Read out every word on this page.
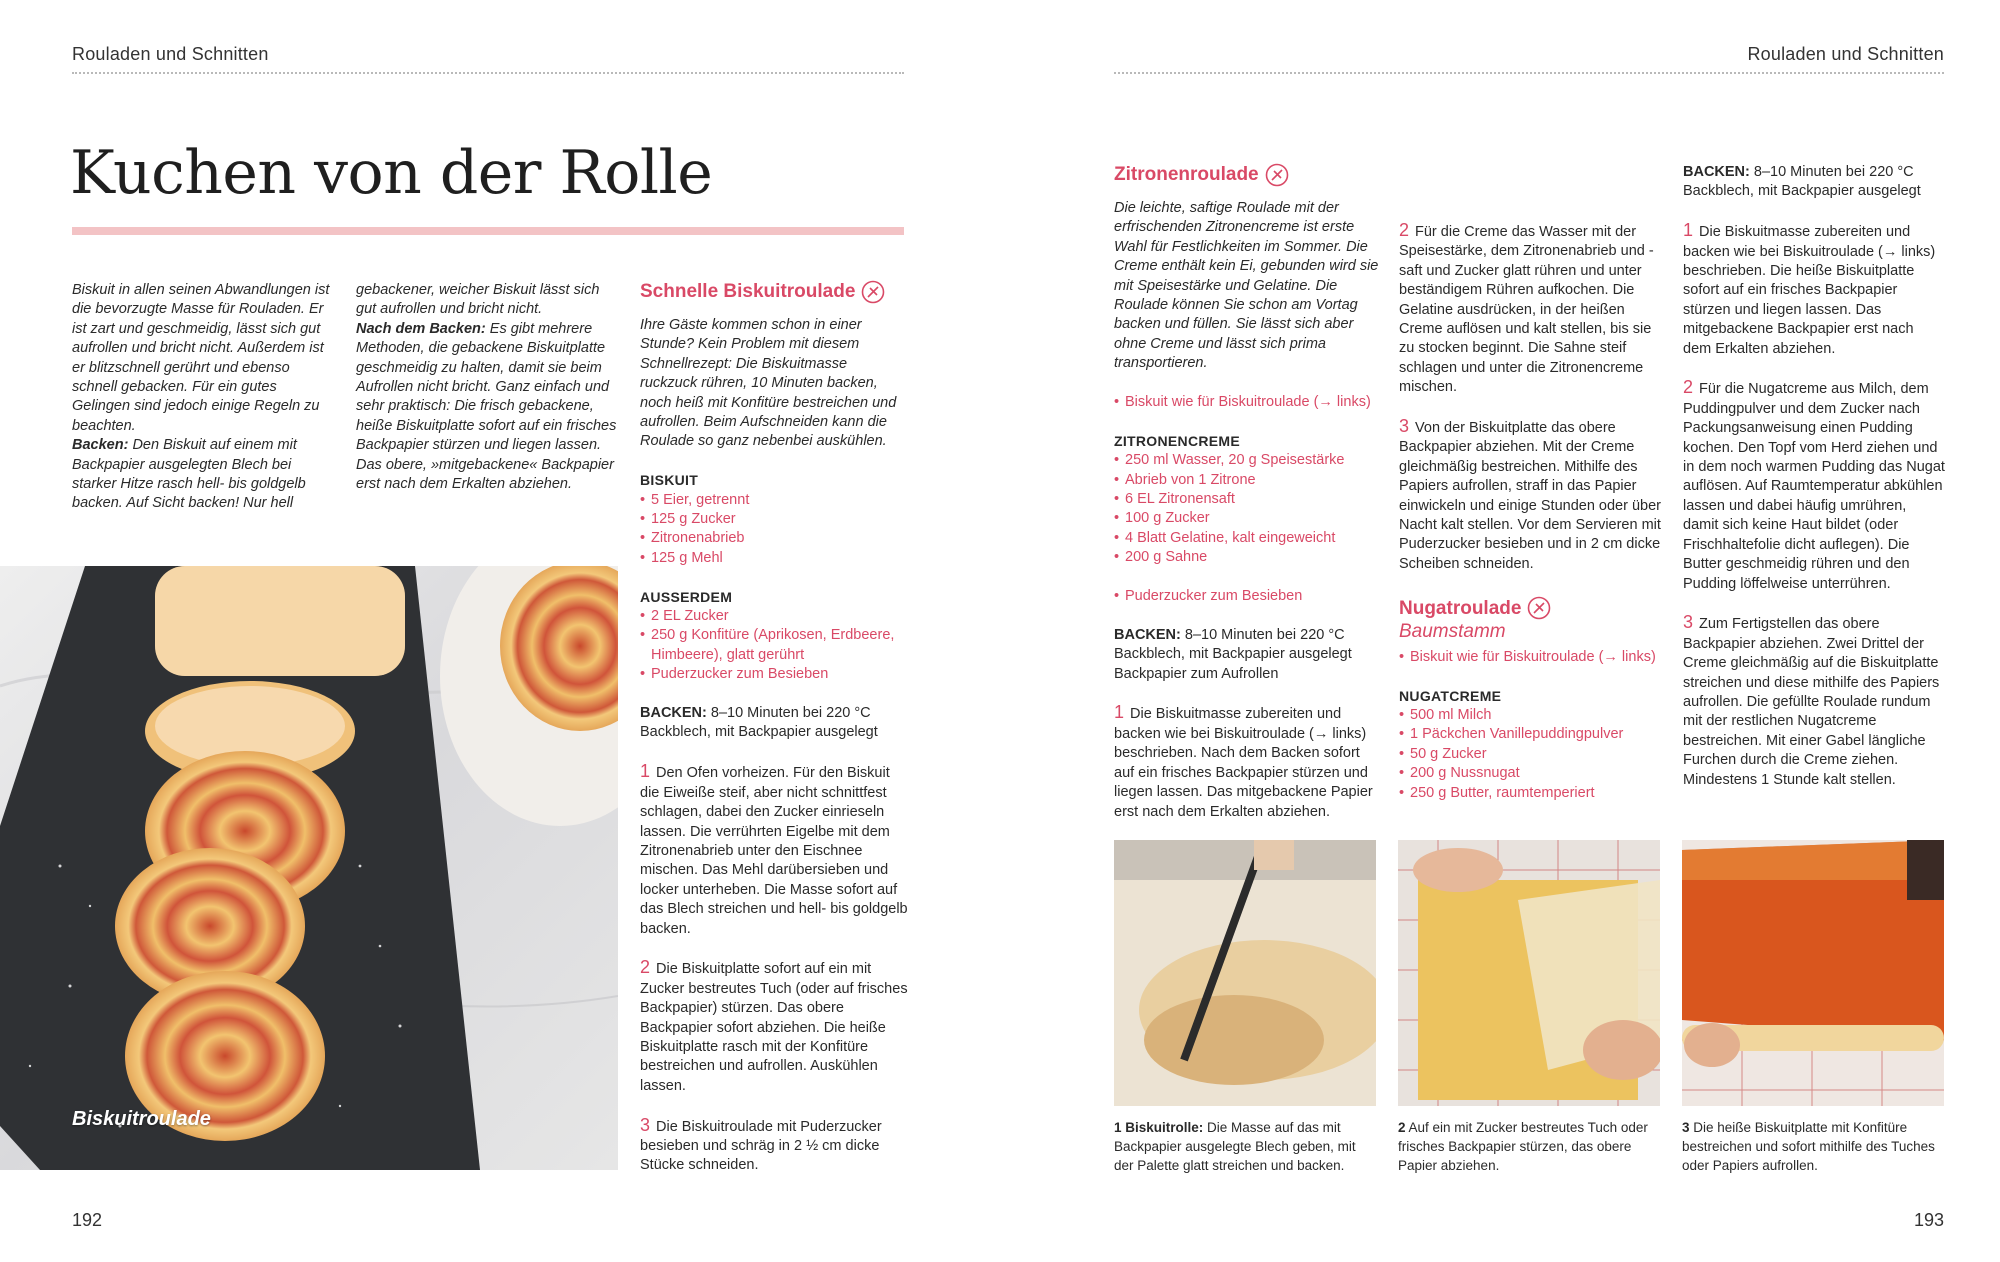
Rouladen und Schnitten	Rouladen und Schnitten
Kuchen von der Rolle
Biskuit in allen seinen Abwandlungen ist die bevorzugte Masse für Rouladen. Er ist zart und geschmeidig, lässt sich gut aufrollen und bricht nicht. Außerdem ist er blitzschnell gerührt und ebenso schnell gebacken. Für ein gutes Gelingen sind jedoch einige Regeln zu beachten.
Backen: Den Biskuit auf einem mit Backpapier ausgelegten Blech bei starker Hitze rasch hell- bis goldgelb backen. Auf Sicht backen! Nur hell
gebackener, weicher Biskuit lässt sich gut aufrollen und bricht nicht.
Nach dem Backen: Es gibt mehrere Methoden, die gebackene Biskuitplatte geschmeidig zu halten, damit sie beim Aufrollen nicht bricht. Ganz einfach und sehr praktisch: Die frisch gebackene, heiße Biskuitplatte sofort auf ein frisches Backpapier stürzen und liegen lassen. Das obere, »mitgebackene« Backpapier erst nach dem Erkalten abziehen.
Biskuitroulade
Schnelle Biskuitroulade
Ihre Gäste kommen schon in einer Stunde? Kein Problem mit diesem Schnellrezept: Die Biskuitmasse ruckzuck rühren, 10 Minuten backen, noch heiß mit Konfitüre bestreichen und aufrollen. Beim Aufschneiden kann die Roulade so ganz nebenbei auskühlen.
BISKUIT
• 5 Eier, getrennt
• 125 g Zucker
• Zitronenabrieb
• 125 g Mehl
AUSSERDEM
• 2 EL Zucker
• 250 g Konfitüre (Aprikosen, Erdbeere, Himbeere), glatt gerührt
• Puderzucker zum Besieben
BACKEN: 8–10 Minuten bei 220 °C Backblech, mit Backpapier ausgelegt

1 Den Ofen vorheizen. Für den Biskuit die Eiweiße steif, aber nicht schnittfest schlagen, dabei den Zucker einrieseln lassen. Die verrührten Eigelbe mit dem Zitronenabrieb unter den Eischnee mischen. Das Mehl darübersieben und locker unterheben. Die Masse sofort auf das Blech streichen und hell- bis goldgelb backen.

2 Die Biskuitplatte sofort auf ein mit Zucker bestreutes Tuch (oder auf frisches Backpapier) stürzen. Das obere Backpapier sofort abziehen. Die heiße Biskuitplatte rasch mit der Konfitüre bestreichen und aufrollen. Auskühlen lassen.

3 Die Biskuitroulade mit Puderzucker besieben und schräg in 2 ½ cm dicke Stücke schneiden.

192
Zitronenroulade
Die leichte, saftige Roulade mit der erfrischenden Zitronencreme ist erste Wahl für Festlichkeiten im Sommer. Die Creme enthält kein Ei, gebunden wird sie mit Speisestärke und Gelatine. Die Roulade können Sie schon am Vortag backen und füllen. Sie lässt sich aber ohne Creme und lässt sich prima transportieren.
• Biskuit wie für Biskuitroulade (→ links)
ZITRONENCREME
• 250 ml Wasser, 20 g Speisestärke
• Abrieb von 1 Zitrone
• 6 EL Zitronensaft
• 100 g Zucker
• 4 Blatt Gelatine, kalt eingeweicht
• 200 g Sahne
• Puderzucker zum Besieben
BACKEN: 8–10 Minuten bei 220 °C Backblech, mit Backpapier ausgelegt Backpapier zum Aufrollen

1 Die Biskuitmasse zubereiten und backen wie bei Biskuitroulade (→ links) beschrieben. Nach dem Backen sofort auf ein frisches Backpapier stürzen und liegen lassen. Das mitgebackene Papier erst nach dem Erkalten abziehen.

2 Für die Creme das Wasser mit der Speisestärke, dem Zitronenabrieb und -saft und Zucker glatt rühren und unter beständigem Rühren aufkochen. Die Gelatine ausdrücken, in der heißen Creme auflösen und kalt stellen, bis sie zu stocken beginnt. Die Sahne steif schlagen und unter die Zitronencreme mischen.

3 Von der Biskuitplatte das obere Backpapier abziehen. Mit der Creme gleichmäßig bestreichen. Mithilfe des Papiers aufrollen, straff in das Papier einwickeln und einige Stunden oder über Nacht kalt stellen. Vor dem Servieren mit Puderzucker besieben und in 2 cm dicke Scheiben schneiden.

Nugatroulade
Baumstamm
• Biskuit wie für Biskuitroulade (→ links)
NUGATCREME
• 500 ml Milch
• 1 Päckchen Vanillepuddingpulver
• 50 g Zucker
• 200 g Nussnugat
• 250 g Butter, raumtemperiert
BACKEN: 8–10 Minuten bei 220 °C Backblech, mit Backpapier ausgelegt

1 Die Biskuitmasse zubereiten und backen wie bei Biskuitroulade (→ links) beschrieben. Die heiße Biskuitplatte sofort auf ein frisches Backpapier stürzen und liegen lassen. Das mitgebackene Backpapier erst nach dem Erkalten abziehen.

2 Für die Nugatcreme aus Milch, dem Puddingpulver und dem Zucker nach Packungsanweisung einen Pudding kochen. Den Topf vom Herd ziehen und in dem noch warmen Pudding das Nugat auflösen. Auf Raumtemperatur abkühlen lassen und dabei häufig umrühren, damit sich keine Haut bildet (oder Frischhaltefolie dicht auflegen). Die Butter geschmeidig rühren und den Pudding löffelweise unterrühren.

3 Zum Fertigstellen das obere Backpapier abziehen. Zwei Drittel der Creme gleichmäßig auf die Biskuitplatte streichen und diese mithilfe des Papiers aufrollen. Die gefüllte Roulade rundum mit der restlichen Nugatcreme bestreichen. Mit einer Gabel längliche Furchen durch die Creme ziehen. Mindestens 1 Stunde kalt stellen.

1 Biskuitrolle: Die Masse auf das mit Backpapier ausgelegte Blech geben, mit der Palette glatt streichen und backen.
2 Auf ein mit Zucker bestreutes Tuch oder frisches Backpapier stürzen, das obere Papier abziehen.
3 Die heiße Biskuitplatte mit Konfitüre bestreichen und sofort mithilfe des Tuches oder Papiers aufrollen.
193
